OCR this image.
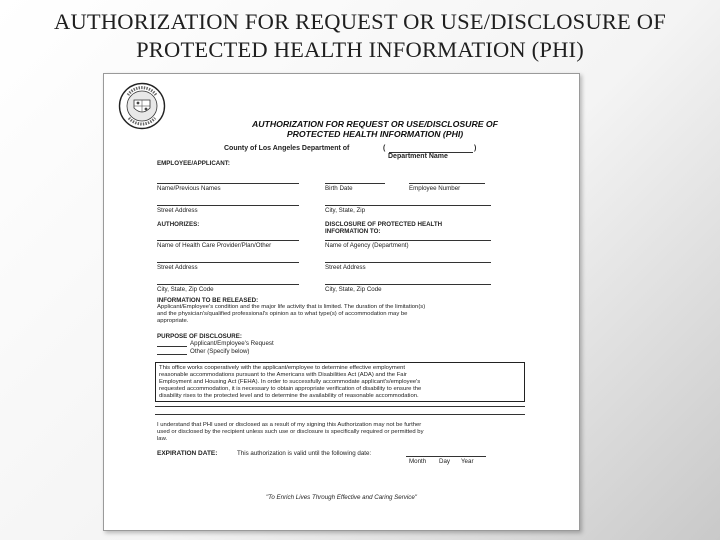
AUTHORIZATION FOR REQUEST OR USE/DISCLOSURE OF
PROTECTED HEALTH INFORMATION (PHI)
AUTHORIZATION FOR REQUEST OR USE/DISCLOSURE OF
PROTECTED HEALTH INFORMATION (PHI)
County of Los Angeles Department of	(	)
Department Name
EMPLOYEE/APPLICANT:
Name/Previous Names	Birth Date	Employee Number
Street Address	City, State, Zip
AUTHORIZES:	DISCLOSURE OF PROTECTED HEALTH
INFORMATION TO:
Name of Health Care Provider/Plan/Other	Name of Agency (Department)
Street Address	Street Address
City, State, Zip Code	City, State, Zip Code
INFORMATION TO BE RELEASED:
Applicant/Employee's condition and the major life activity that is limited. The duration of the limitation(s)
and the physician's/qualified professional's opinion as to what type(s) of accommodation may be
appropriate.
PURPOSE OF DISCLOSURE:
Applicant/Employee's Request
Other (Specify below)
This office works cooperatively with the applicant/employee to determine effective employment
reasonable accommodations pursuant to the Americans with Disabilities Act (ADA) and the Fair
Employment and Housing Act (FEHA). In order to successfully accommodate applicant's/employee's
requested accommodation, it is necessary to obtain appropriate verification of disability to ensure the
disability rises to the protected level and to determine the availability of reasonable accommodation.
I understand that PHI used or disclosed as a result of my signing this Authorization may not be further
used or disclosed by the recipient unless such use or disclosure is specifically required or permitted by
law.
EXPIRATION DATE:	This authorization is valid until the following date:
Month Day Year
"To Enrich Lives Through Effective and Caring Service"
